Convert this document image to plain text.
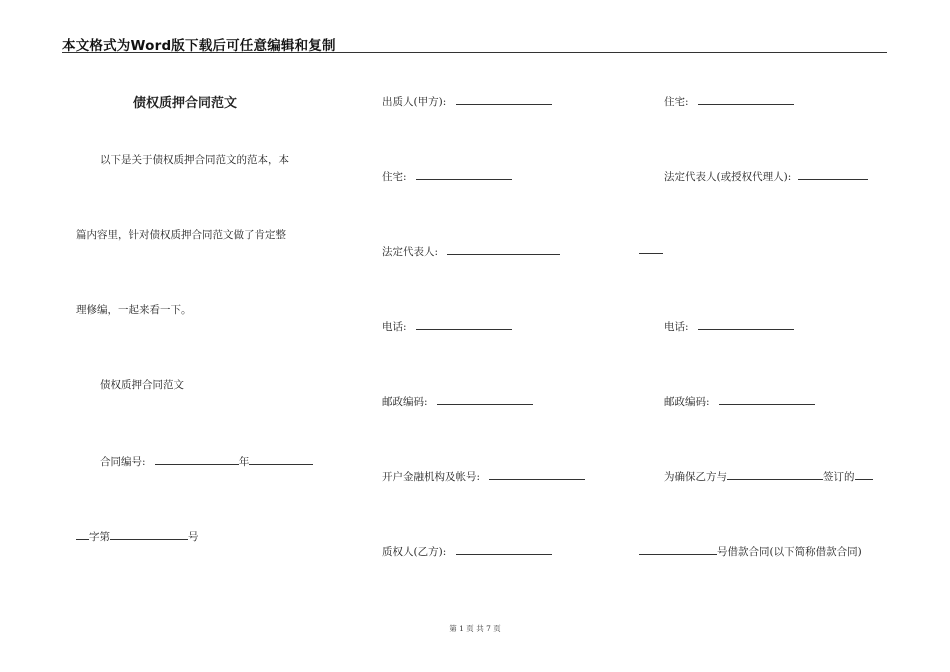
本文格式为Word版下载后可任意编辑和复制
债权质押合同范文
以下是关于债权质押合同范文的范本，本
篇内容里，针对债权质押合同范文做了肯定整
理修编，一起来看一下。
债权质押合同范文
合同编号:	年
字第	号
出质人(甲方):
住宅:
法定代表人:
电话:
邮政编码:
开户金融机构及帐号:
质权人(乙方):
住宅:
法定代表人(或授权代理人):
电话:
邮政编码:
为确保乙方与	签订的
号借款合同(以下简称借款合同)
第 1 页 共 7 页
